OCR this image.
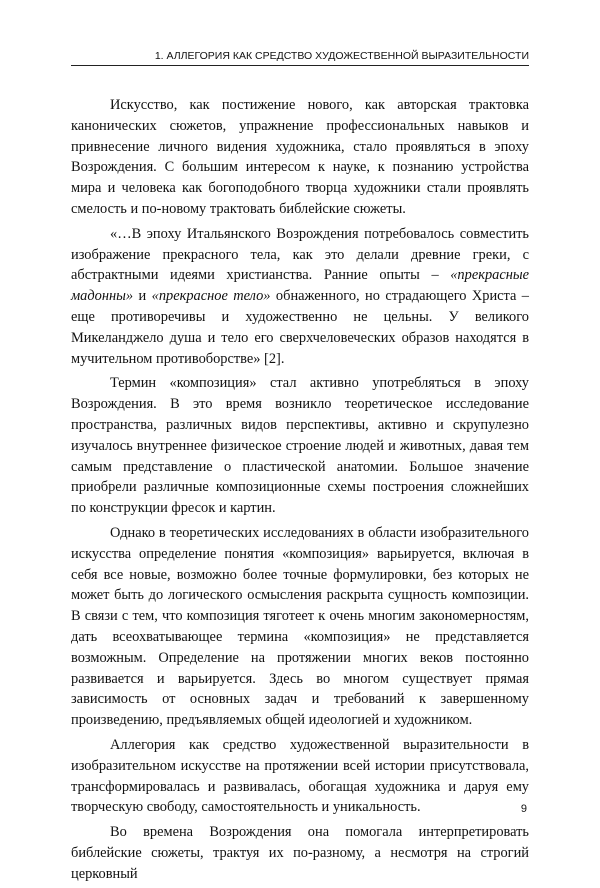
1. АЛЛЕГОРИЯ КАК СРЕДСТВО ХУДОЖЕСТВЕННОЙ ВЫРАЗИТЕЛЬНОСТИ

Искусство, как постижение нового, как авторская трактовка канонических сюжетов, упражнение профессиональных навыков и привнесение личного видения художника, стало проявляться в эпоху Возрождения. С большим интересом к науке, к познанию устройства мира и человека как богоподобного творца художники стали проявлять смелость и по-новому трактовать библейские сюжеты.

«…В эпоху Итальянского Возрождения потребовалось совместить изображение прекрасного тела, как это делали древние греки, с абстрактными идеями христианства. Ранние опыты – «прекрасные мадонны» и «прекрасное тело» обнаженного, но страдающего Христа – еще противоречивы и художественно не цельны. У великого Микеланджело душа и тело его сверхчеловеческих образов находятся в мучительном противоборстве» [2].

Термин «композиция» стал активно употребляться в эпоху Возрождения. В это время возникло теоретическое исследование пространства, различных видов перспективы, активно и скрупулезно изучалось внутреннее физическое строение людей и животных, давая тем самым представление о пластической анатомии. Большое значение приобрели различные композиционные схемы построения сложнейших по конструкции фресок и картин.

Однако в теоретических исследованиях в области изобразительного искусства определение понятия «композиция» варьируется, включая в себя все новые, возможно более точные формулировки, без которых не может быть до логического осмысления раскрыта сущность композиции. В связи с тем, что композиция тяготеет к очень многим закономерностям, дать всеохватывающее термина «композиция» не представляется возможным. Определение на протяжении многих веков постоянно развивается и варьируется. Здесь во многом существует прямая зависимость от основных задач и требований к завершенному произведению, предъявляемых общей идеологией и художником.

Аллегория как средство художественной выразительности в изобразительном искусстве на протяжении всей истории присутствовала, трансформировалась и развивалась, обогащая художника и даруя ему творческую свободу, самостоятельность и уникальность.

Во времена Возрождения она помогала интерпретировать библейские сюжеты, трактуя их по-разному, а несмотря на строгий церковный

9
